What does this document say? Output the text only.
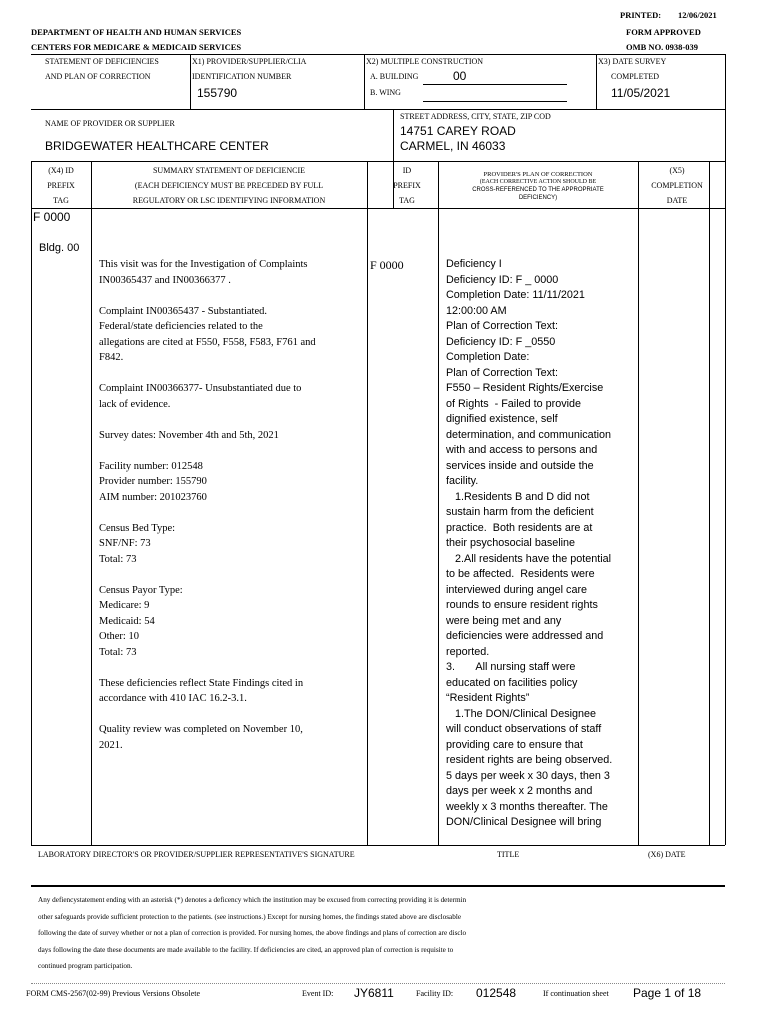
PRINTED: 12/06/2021
DEPARTMENT OF HEALTH AND HUMAN SERVICES	FORM APPROVED
CENTERS FOR MEDICARE & MEDICAID SERVICES	OMB NO. 0938-039
STATEMENT OF DEFICIENCIES
AND PLAN OF CORRECTION
X1) PROVIDER/SUPPLIER/CLIA
IDENTIFICATION NUMBER
155790
X2) MULTIPLE CONSTRUCTION
A. BUILDING	00
B. WING
X3) DATE SURVEY
COMPLETED
11/05/2021
NAME OF PROVIDER OR SUPPLIER
BRIDGEWATER HEALTHCARE CENTER
STREET ADDRESS, CITY, STATE, ZIP COD
14751 CAREY ROAD
CARMEL, IN 46033
(X4) ID
PREFIX
TAG
SUMMARY STATEMENT OF DEFICIENCIE
(EACH DEFICIENCY MUST BE PRECEDED BY FULL
REGULATORY OR LSC IDENTIFYING INFORMATION
ID
PREFIX
TAG
PROVIDER'S PLAN OF CORRECTION
(EACH CORRECTIVE ACTION SHOULD BE
CROSS-REFERENCED TO THE APPROPRIATE
DEFICIENCY)
(X5)
COMPLETION
DATE
F 0000
Bldg. 00
This visit was for the Investigation of Complaints
IN00365437 and IN00366377 .
Complaint IN00365437 - Substantiated.
Federal/state deficiencies related to the
allegations are cited at F550, F558, F583, F761 and
F842.
Complaint IN00366377- Unsubstantiated due to
lack of evidence.
Survey dates: November 4th and 5th, 2021
Facility number: 012548
Provider number: 155790
AIM number: 201023760
Census Bed Type:
SNF/NF: 73
Total: 73
Census Payor Type:
Medicare: 9
Medicaid: 54
Other: 10
Total: 73
These deficiencies reflect State Findings cited in
accordance with 410 IAC 16.2-3.1.
Quality review was completed on November 10,
2021.
F 0000	Deficiency I
Deficiency ID: F _ 0000
Completion Date: 11/11/2021
12:00:00 AM
Plan of Correction Text:
Deficiency ID: F _0550
Completion Date:
Plan of Correction Text:
F550 – Resident Rights/Exercise
of Rights  - Failed to provide
dignified existence, self
determination, and communication
with and access to persons and
services inside and outside the
facility.
1.Residents B and D did not
sustain harm from the deficient
practice.  Both residents are at
their psychosocial baseline
2.All residents have the potential
to be affected.  Residents were
interviewed during angel care
rounds to ensure resident rights
were being met and any
deficiencies were addressed and
reported.
3.       All nursing staff were
educated on facilities policy
“Resident Rights”
1.The DON/Clinical Designee
will conduct observations of staff
providing care to ensure that
resident rights are being observed.
5 days per week x 30 days, then 3
days per week x 2 months and
weekly x 3 months thereafter. The
DON/Clinical Designee will bring
LABORATORY DIRECTOR'S OR PROVIDER/SUPPLIER REPRESENTATIVE'S SIGNATURE	TITLE	(X6) DATE
Any defiencystatement ending with an asterisk (*) denotes a deficency which the institution may be excused from correcting providing it is determin
other safeguards provide sufficient protection to the patients. (see instructions.) Except for nursing homes, the findings stated above are disclosable
following the date of survey whether or not a plan of correction is provided. For nursing homes, the above findings and plans of correction are disclo
days following the date these documents are made available to the facility. If deficiencies are cited, an approved plan of correction is requisite to
continued program participation.
FORM CMS-2567(02-99) Previous Versions Obsolete	Event ID: JY6811	Facility ID: 012548	If continuation sheet Page 1 of 18
